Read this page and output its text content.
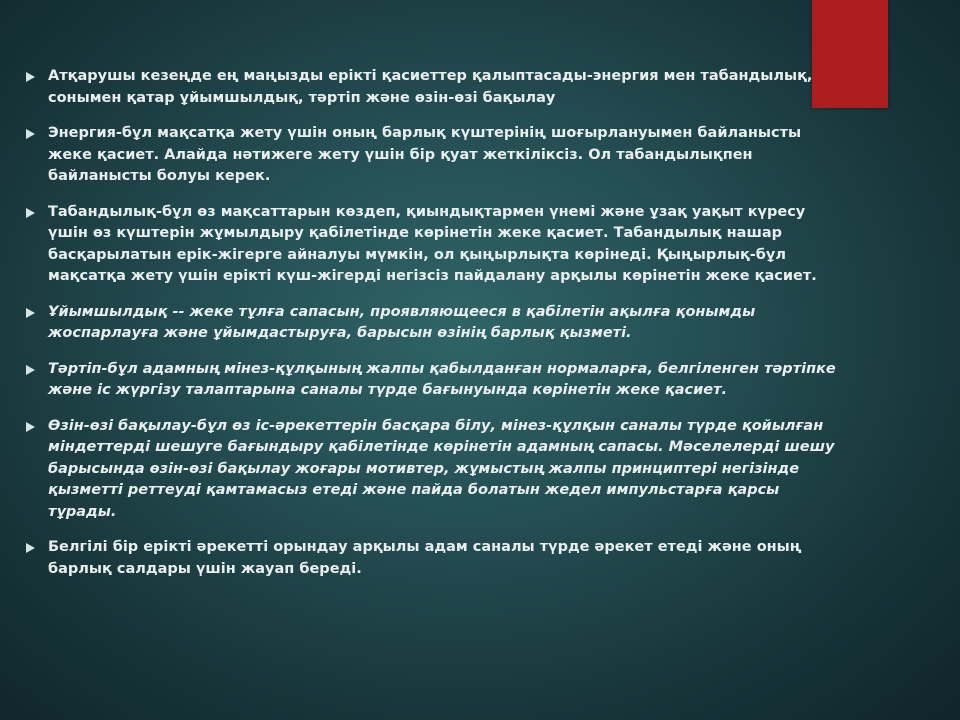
Атқарушы кезеңде ең маңызды ерікті қасиеттер қалыптасады-энергия мен табандылық, сонымен қатар ұйымшылдық, тәртіп және өзін-өзі бақылау
Энергия-бұл мақсатқа жету үшін оның барлық күштерінің шоғырлануымен байланысты жеке қасиет. Алайда нәтижеге жету үшін бір қуат жеткіліксіз. Ол табандылықпен байланысты болуы керек.
Табандылық-бұл өз мақсаттарын көздеп, қиындықтармен үнемі және ұзақ уақыт күресу үшін өз күштерін жұмылдыру қабілетінде көрінетін жеке қасиет. Табандылық нашар басқарылатын ерік-жігерге айналуы мүмкін, ол қыңырлықта көрінеді. Қыңырлық-бұл мақсатқа жету үшін ерікті күш-жігерді негізсіз пайдалану арқылы көрінетін жеке қасиет.
Ұйымшылдық -- жеке тұлға сапасын, проявляющееся в қабілетін ақылға қонымды жоспарлауға және ұйымдастыруға, барысын өзінің барлық қызметі.
Тәртіп-бұл адамның мінез-құлқының жалпы қабылданған нормаларға, белгіленген тәртіпке және іс жүргізу талаптарына саналы түрде бағынуында көрінетін жеке қасиет.
Өзін-өзі бақылау-бұл өз іс-әрекеттерін басқара білу, мінез-құлқын саналы түрде қойылған міндеттерді шешуге бағындыру қабілетінде көрінетін адамның сапасы. Мәселелерді шешу барысында өзін-өзі бақылау жоғары мотивтер, жұмыстың жалпы принциптері негізінде қызметті реттеуді қамтамасыз етеді және пайда болатын жедел импульстарға қарсы тұрады.
Белгілі бір ерікті әрекетті орындау арқылы адам саналы түрде әрекет етеді және оның барлық салдары үшін жауап береді.
